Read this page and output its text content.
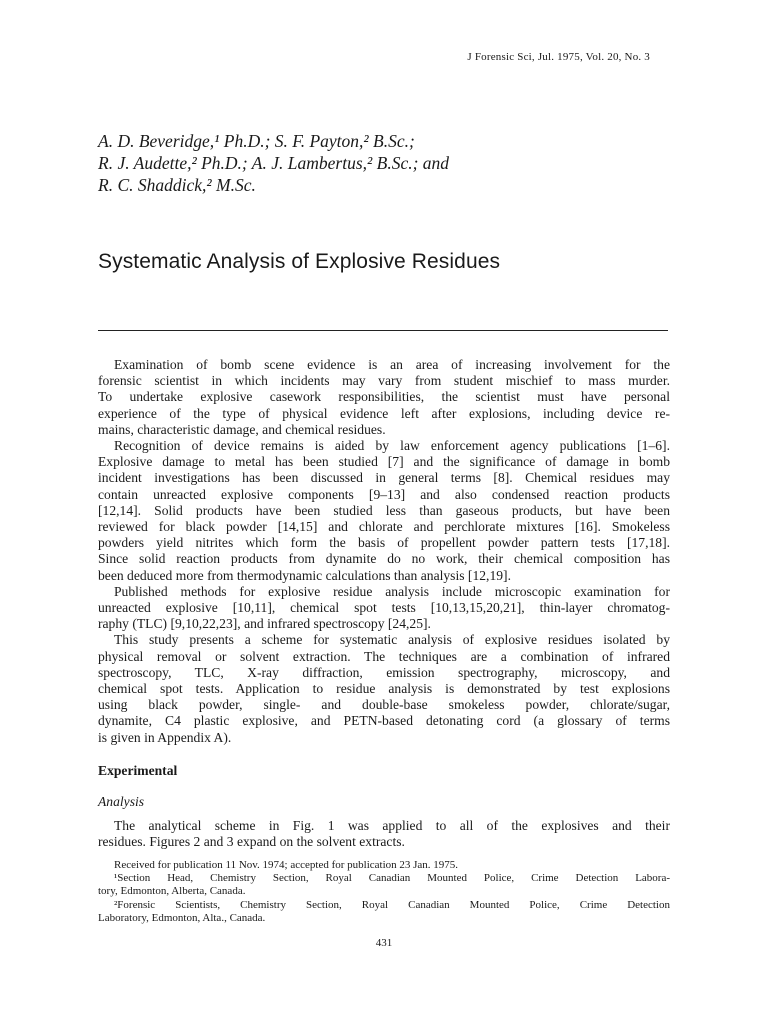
J Forensic Sci, Jul. 1975, Vol. 20, No. 3
A. D. Beveridge,¹ Ph.D.; S. F. Payton,² B.Sc.;
R. J. Audette,² Ph.D.; A. J. Lambertus,² B.Sc.; and
R. C. Shaddick,² M.Sc.
Systematic Analysis of Explosive Residues
Examination of bomb scene evidence is an area of increasing involvement for the
forensic scientist in which incidents may vary from student mischief to mass murder.
To undertake explosive casework responsibilities, the scientist must have personal
experience of the type of physical evidence left after explosions, including device re-
mains, characteristic damage, and chemical residues.
Recognition of device remains is aided by law enforcement agency publications [1–6].
Explosive damage to metal has been studied [7] and the significance of damage in bomb
incident investigations has been discussed in general terms [8]. Chemical residues may
contain unreacted explosive components [9–13] and also condensed reaction products
[12,14]. Solid products have been studied less than gaseous products, but have been
reviewed for black powder [14,15] and chlorate and perchlorate mixtures [16]. Smokeless
powders yield nitrites which form the basis of propellent powder pattern tests [17,18].
Since solid reaction products from dynamite do no work, their chemical composition has
been deduced more from thermodynamic calculations than analysis [12,19].
Published methods for explosive residue analysis include microscopic examination for
unreacted explosive [10,11], chemical spot tests [10,13,15,20,21], thin-layer chromatog-
raphy (TLC) [9,10,22,23], and infrared spectroscopy [24,25].
This study presents a scheme for systematic analysis of explosive residues isolated by
physical removal or solvent extraction. The techniques are a combination of infrared
spectroscopy, TLC, X-ray diffraction, emission spectrography, microscopy, and
chemical spot tests. Application to residue analysis is demonstrated by test explosions
using black powder, single- and double-base smokeless powder, chlorate/sugar,
dynamite, C4 plastic explosive, and PETN-based detonating cord (a glossary of terms
is given in Appendix A).
Experimental
Analysis
The analytical scheme in Fig. 1 was applied to all of the explosives and their
residues. Figures 2 and 3 expand on the solvent extracts.
Received for publication 11 Nov. 1974; accepted for publication 23 Jan. 1975.
¹Section Head, Chemistry Section, Royal Canadian Mounted Police, Crime Detection Labora-
tory, Edmonton, Alberta, Canada.
²Forensic Scientists, Chemistry Section, Royal Canadian Mounted Police, Crime Detection
Laboratory, Edmonton, Alta., Canada.
431
